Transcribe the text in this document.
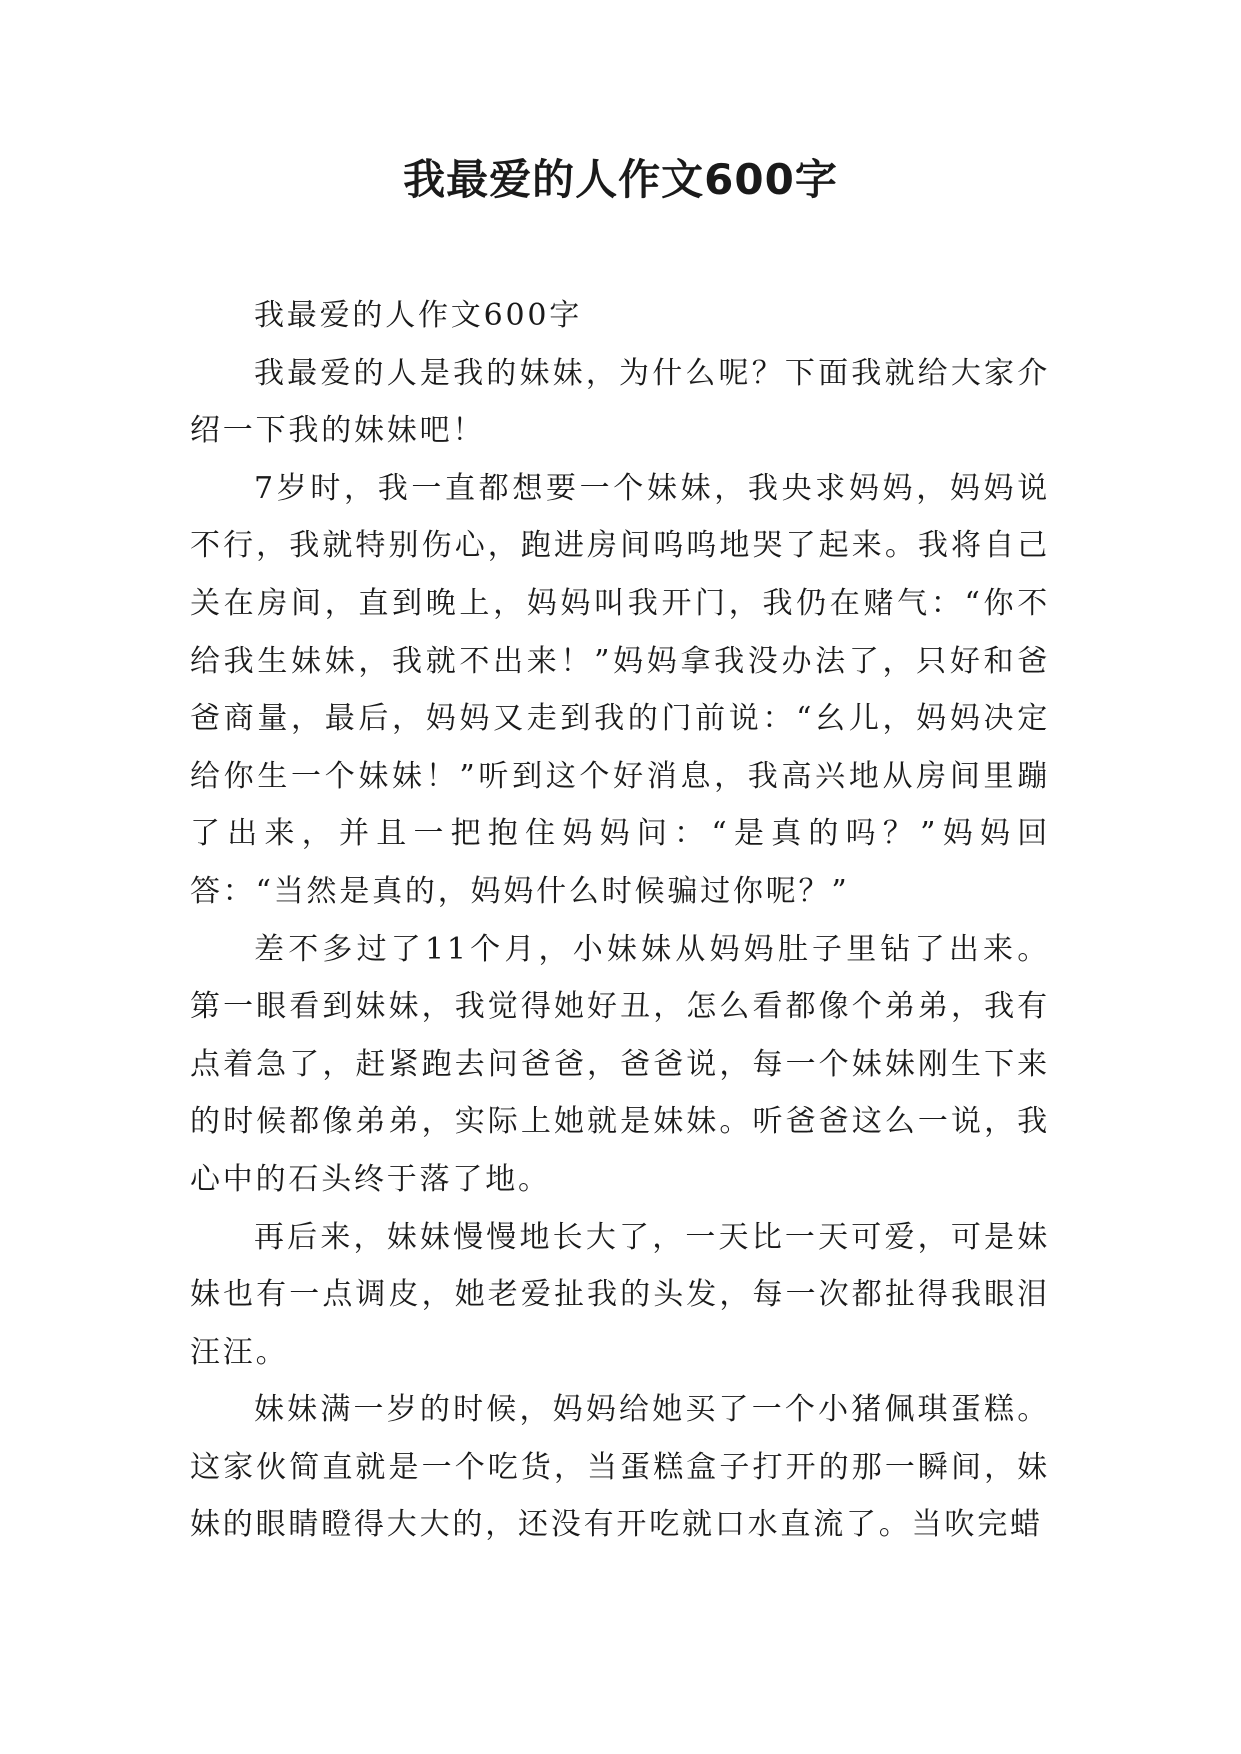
我最爱的人作文600字

我最爱的人作文600字

我最爱的人是我的妹妹，为什么呢？下面我就给大家介绍一下我的妹妹吧！

7岁时，我一直都想要一个妹妹，我央求妈妈，妈妈说不行，我就特别伤心，跑进房间呜呜地哭了起来。我将自己关在房间，直到晚上，妈妈叫我开门，我仍在赌气：“你不给我生妹妹，我就不出来！”妈妈拿我没办法了，只好和爸爸商量，最后，妈妈又走到我的门前说：“幺儿，妈妈决定给你生一个妹妹！”听到这个好消息，我高兴地从房间里蹦了出来，并且一把抱住妈妈问：“是真的吗？”妈妈回答：“当然是真的，妈妈什么时候骗过你呢？”

差不多过了11个月，小妹妹从妈妈肚子里钻了出来。第一眼看到妹妹，我觉得她好丑，怎么看都像个弟弟，我有点着急了，赶紧跑去问爸爸，爸爸说，每一个妹妹刚生下来的时候都像弟弟，实际上她就是妹妹。听爸爸这么一说，我心中的石头终于落了地。

再后来，妹妹慢慢地长大了，一天比一天可爱，可是妹妹也有一点调皮，她老爱扯我的头发，每一次都扯得我眼泪汪汪。

妹妹满一岁的时候，妈妈给她买了一个小猪佩琪蛋糕。这家伙简直就是一个吃货，当蛋糕盒子打开的那一瞬间，妹妹的眼睛瞪得大大的，还没有开吃就口水直流了。当吹完蜡
